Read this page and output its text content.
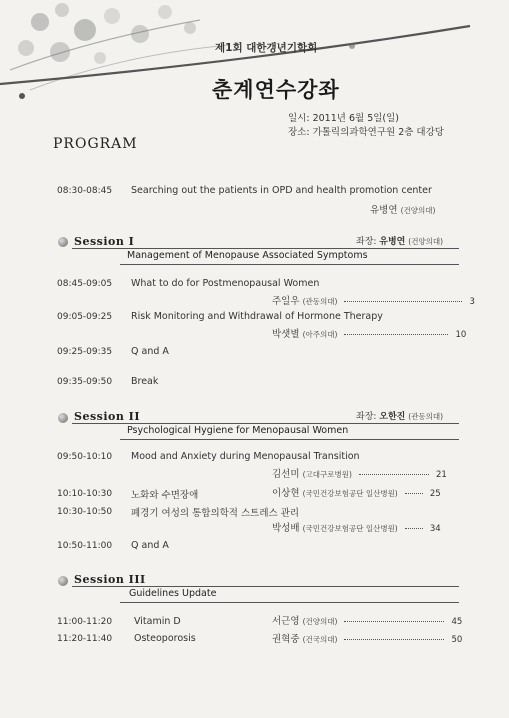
제1회 대한갱년기학회
춘계연수강좌
일시: 2011년 6월 5일(일)
장소: 가톨릭의과학연구원 2층 대강당
PROGRAM
08:30-08:45 Searching out the patients in OPD and health promotion center
유병연 (건양의대)
Session I	좌장: 유병연 (건양의대)
Management of Menopause Associated Symptoms
08:45-09:05 What to do for Postmenopausal Women
주일우 (관동의대)	3
09:05-09:25 Risk Monitoring and Withdrawal of Hormone Therapy
박샛별 (아주의대)	10
09:25-09:35 Q and A
09:35-09:50 Break
Session II	좌장: 오한진 (관동의대)
Psychological Hygiene for Menopausal Women
09:50-10:10 Mood and Anxiety during Menopausal Transition
김선미 (고대구로병원)	21
10:10-10:30 노화와 수면장애	이상현 (국민건강보험공단 일산병원)	25
10:30-10:50 폐경기 여성의 통합의학적 스트레스 관리
박성배 (국민건강보험공단 일산병원)	34
10:50-11:00 Q and A
Session III
Guidelines Update
11:00-11:20 Vitamin D	서근영 (건양의대)	45
11:20-11:40 Osteoporosis	권혁중 (건국의대)	50
